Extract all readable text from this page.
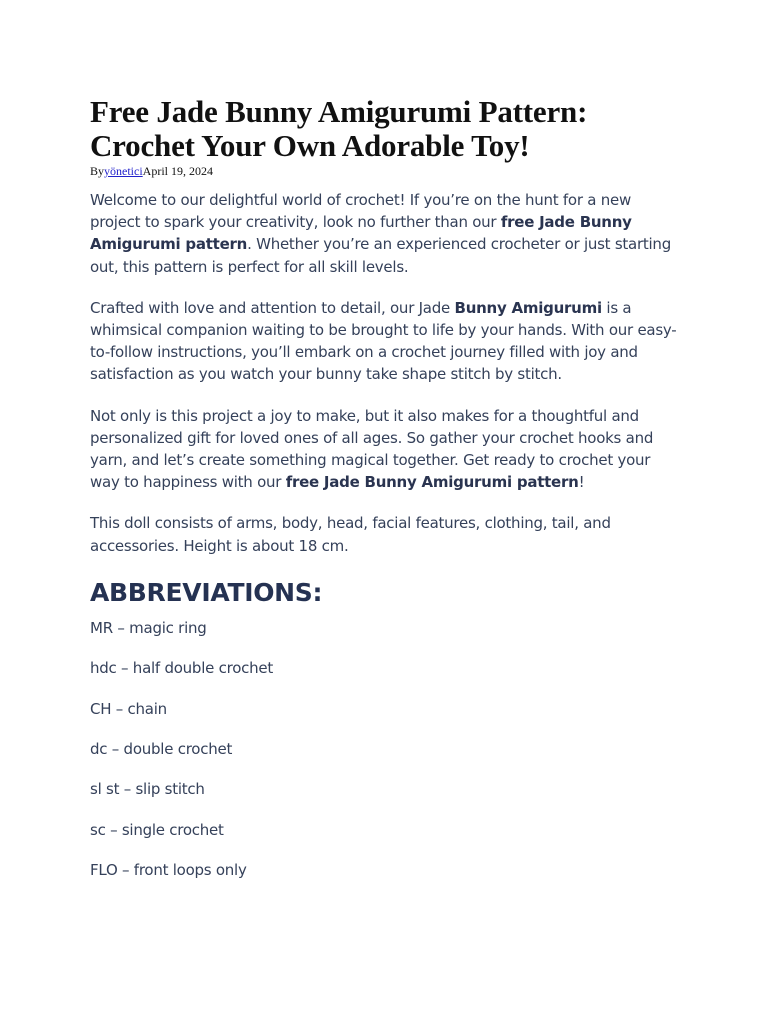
Free Jade Bunny Amigurumi Pattern: Crochet Your Own Adorable Toy!
ByyöneticiApril 19, 2024

Welcome to our delightful world of crochet! If you’re on the hunt for a new project to spark your creativity, look no further than our free Jade Bunny Amigurumi pattern. Whether you’re an experienced crocheter or just starting out, this pattern is perfect for all skill levels.

Crafted with love and attention to detail, our Jade Bunny Amigurumi is a whimsical companion waiting to be brought to life by your hands. With our easy-to-follow instructions, you’ll embark on a crochet journey filled with joy and satisfaction as you watch your bunny take shape stitch by stitch.

Not only is this project a joy to make, but it also makes for a thoughtful and personalized gift for loved ones of all ages. So gather your crochet hooks and yarn, and let’s create something magical together. Get ready to crochet your way to happiness with our free Jade Bunny Amigurumi pattern!

This doll consists of arms, body, head, facial features, clothing, tail, and accessories. Height is about 18 cm.

ABBREVIATIONS:

MR – magic ring

hdc – half double crochet

CH – chain

dc – double crochet

sl st – slip stitch

sc – single crochet

FLO – front loops only
